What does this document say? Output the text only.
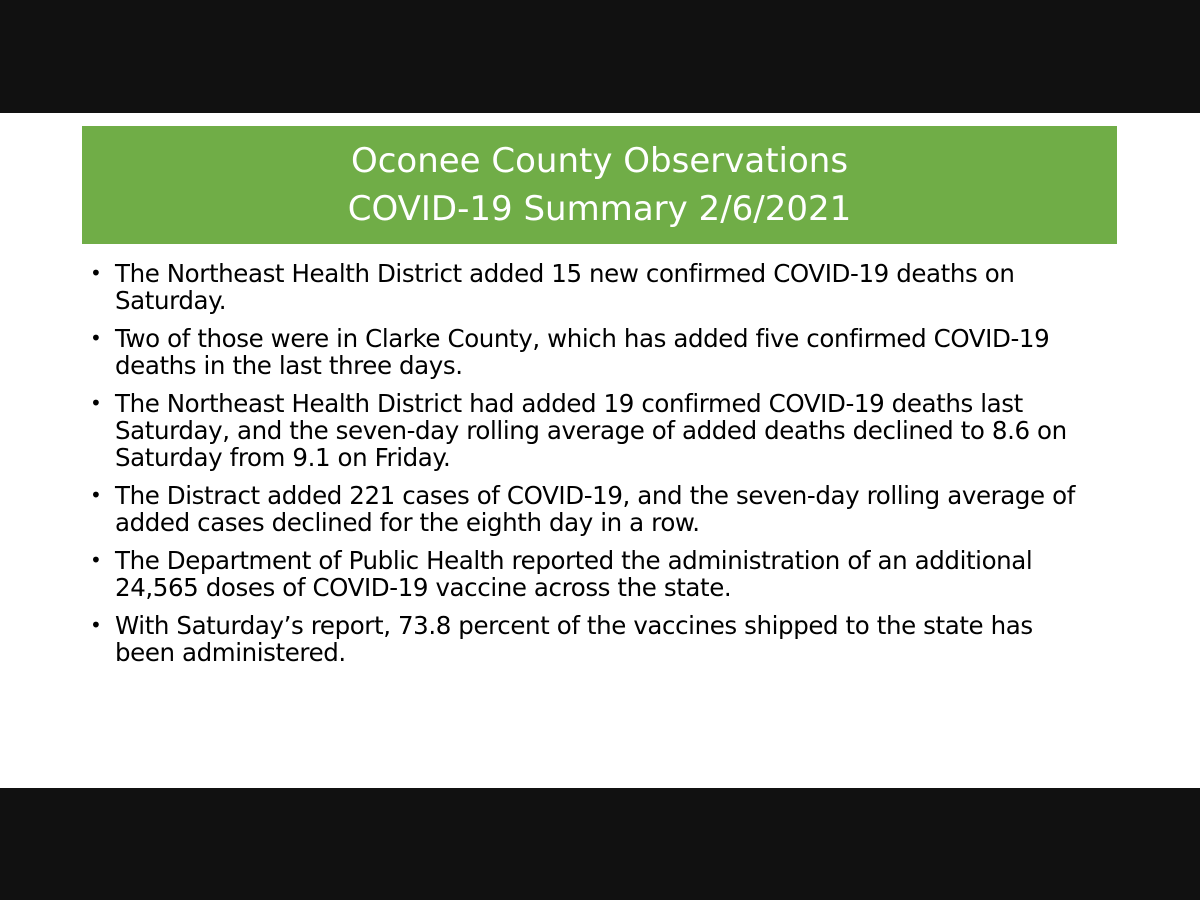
Oconee County Observations
COVID-19 Summary 2/6/2021
• The Northeast Health District added 15 new confirmed COVID-19 deaths on Saturday.
• Two of those were in Clarke County, which has added five confirmed COVID-19 deaths in the last three days.
• The Northeast Health District had added 19 confirmed COVID-19 deaths last Saturday, and the seven-day rolling average of added deaths declined to 8.6 on Saturday from 9.1 on Friday.
• The Distract added 221 cases of COVID-19, and the seven-day rolling average of added cases declined for the eighth day in a row.
• The Department of Public Health reported the administration of an additional 24,565 doses of COVID-19 vaccine across the state.
• With Saturday’s report, 73.8 percent of the vaccines shipped to the state has been administered.
